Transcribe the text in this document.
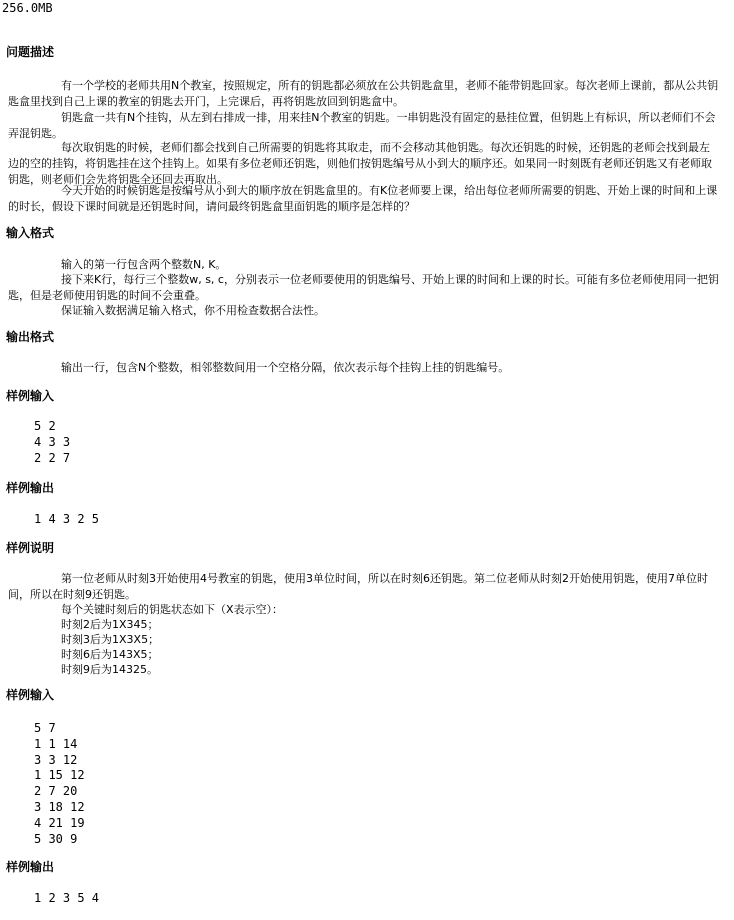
256.0MB
问题描述
有一个学校的老师共用N个教室，按照规定，所有的钥匙都必须放在公共钥匙盒里，老师不能带钥匙回家。每次老师上课前，都从公共钥匙盒里找到自己上课的教室的钥匙去开门，上完课后，再将钥匙放回到钥匙盒中。
钥匙盒一共有N个挂钩，从左到右排成一排，用来挂N个教室的钥匙。一串钥匙没有固定的悬挂位置，但钥匙上有标识，所以老师们不会弄混钥匙。
每次取钥匙的时候，老师们都会找到自己所需要的钥匙将其取走，而不会移动其他钥匙。每次还钥匙的时候，还钥匙的老师会找到最左边的空的挂钩，将钥匙挂在这个挂钩上。如果有多位老师还钥匙，则他们按钥匙编号从小到大的顺序还。如果同一时刻既有老师还钥匙又有老师取钥匙，则老师们会先将钥匙全还回去再取出。
今天开始的时候钥匙是按编号从小到大的顺序放在钥匙盒里的。有K位老师要上课，给出每位老师所需要的钥匙、开始上课的时间和上课的时长，假设下课时间就是还钥匙时间，请问最终钥匙盒里面钥匙的顺序是怎样的？
输入格式
输入的第一行包含两个整数N, K。
接下来K行，每行三个整数w, s, c，分别表示一位老师要使用的钥匙编号、开始上课的时间和上课的时长。可能有多位老师使用同一把钥匙，但是老师使用钥匙的时间不会重叠。
保证输入数据满足输入格式，你不用检查数据合法性。
输出格式
输出一行，包含N个整数，相邻整数间用一个空格分隔，依次表示每个挂钩上挂的钥匙编号。
样例输入
5 2
4 3 3
2 2 7
样例输出
1 4 3 2 5
样例说明
第一位老师从时刻3开始使用4号教室的钥匙，使用3单位时间，所以在时刻6还钥匙。第二位老师从时刻2开始使用钥匙，使用7单位时间，所以在时刻9还钥匙。
每个关键时刻后的钥匙状态如下（X表示空）：
时刻2后为1X345；
时刻3后为1X3X5；
时刻6后为143X5；
时刻9后为14325。
样例输入
5 7
1 1 14
3 3 12
1 15 12
2 7 20
3 18 12
4 21 19
5 30 9
样例输出
1 2 3 5 4
